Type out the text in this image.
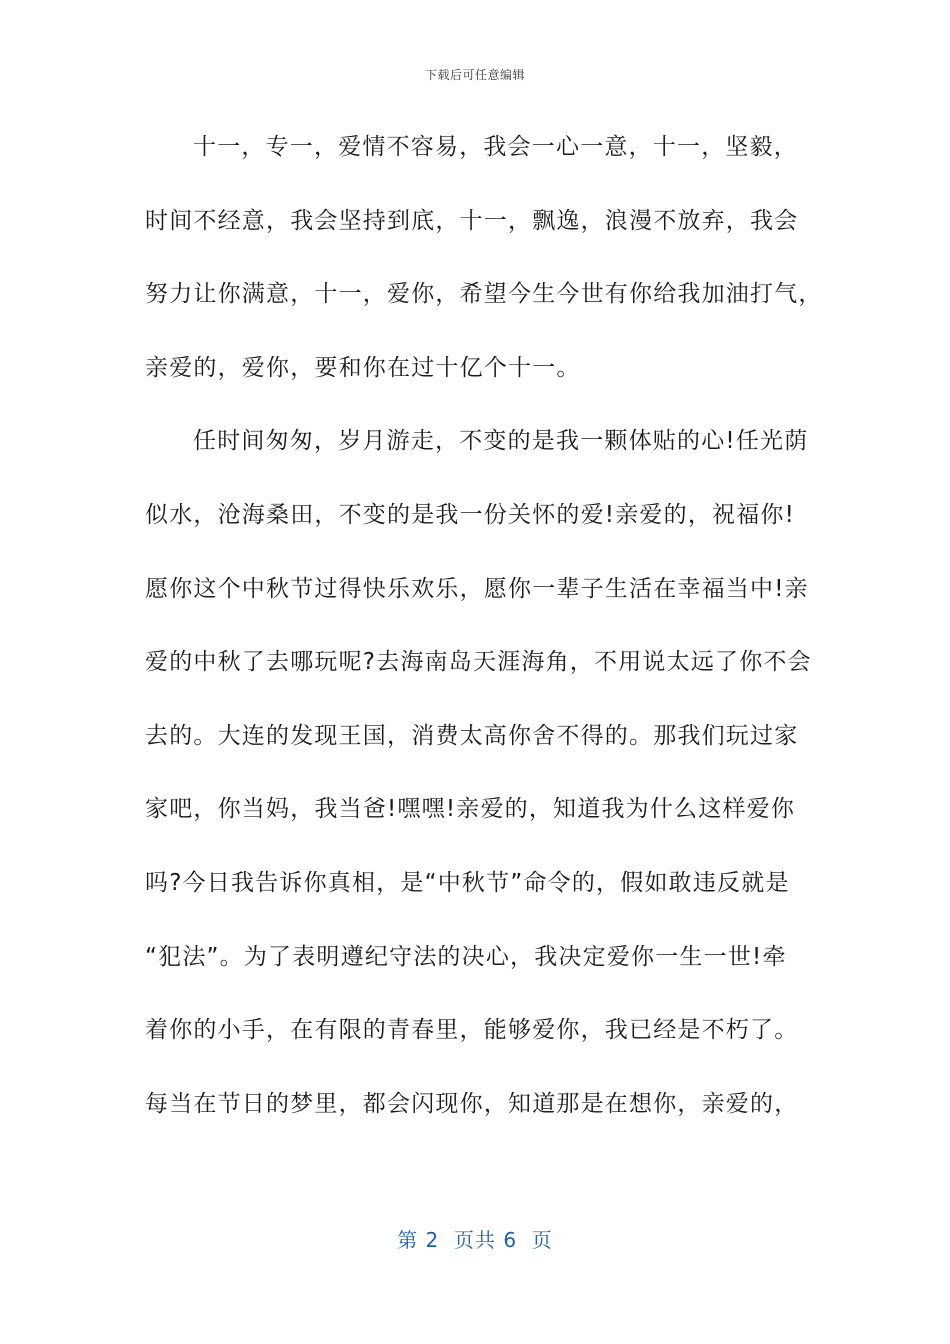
下载后可任意编辑
十一，专一，爱情不容易，我会一心一意，十一，坚毅，
时间不经意，我会坚持到底，十一，飘逸，浪漫不放弃，我会
努力让你满意，十一，爱你，希望今生今世有你给我加油打气，
亲爱的，爱你，要和你在过十亿个十一。
任时间匆匆，岁月游走，不变的是我一颗体贴的心!任光荫
似水，沧海桑田，不变的是我一份关怀的爱!亲爱的，祝福你!
愿你这个中秋节过得快乐欢乐，愿你一辈子生活在幸福当中!亲
爱的中秋了去哪玩呢?去海南岛天涯海角，不用说太远了你不会
去的。大连的发现王国，消费太高你舍不得的。那我们玩过家
家吧，你当妈，我当爸!嘿嘿!亲爱的，知道我为什么这样爱你
吗?今日我告诉你真相，是“中秋节”命令的，假如敢违反就是
“犯法”。为了表明遵纪守法的决心，我决定爱你一生一世!牵
着你的小手，在有限的青春里，能够爱你，我已经是不朽了。
每当在节日的梦里，都会闪现你，知道那是在想你，亲爱的，
第 2  页共 6  页
